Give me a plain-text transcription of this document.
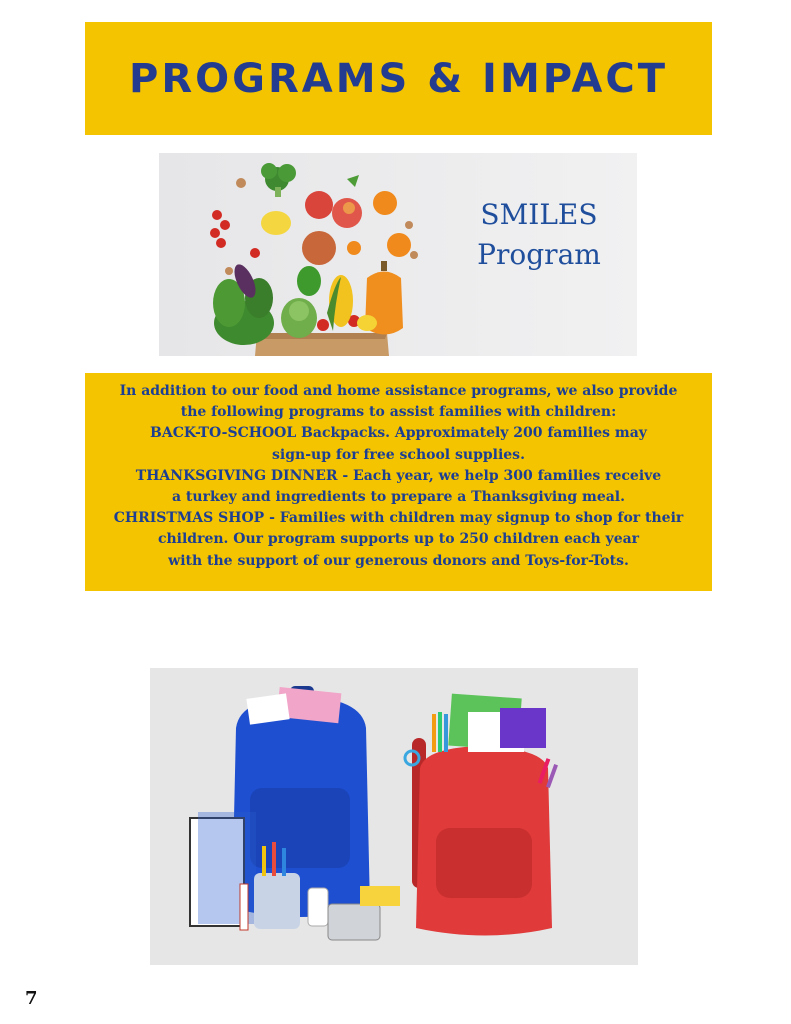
PROGRAMS & IMPACT
SMILES
Program

In addition to our food and home assistance programs, we also provide

the following programs to assist families with children:

BACK-TO-SCHOOL Backpacks. Approximately 200 families may

sign-up for free school supplies.

THANKSGIVING DINNER - Each year, we help 300 families receive

a turkey and ingredients to prepare a Thanksgiving meal.

CHRISTMAS SHOP - Families with children may signup to shop for their

children. Our program supports up to 250 children each year

with the support of our generous donors and Toys-for-Tots.

7
